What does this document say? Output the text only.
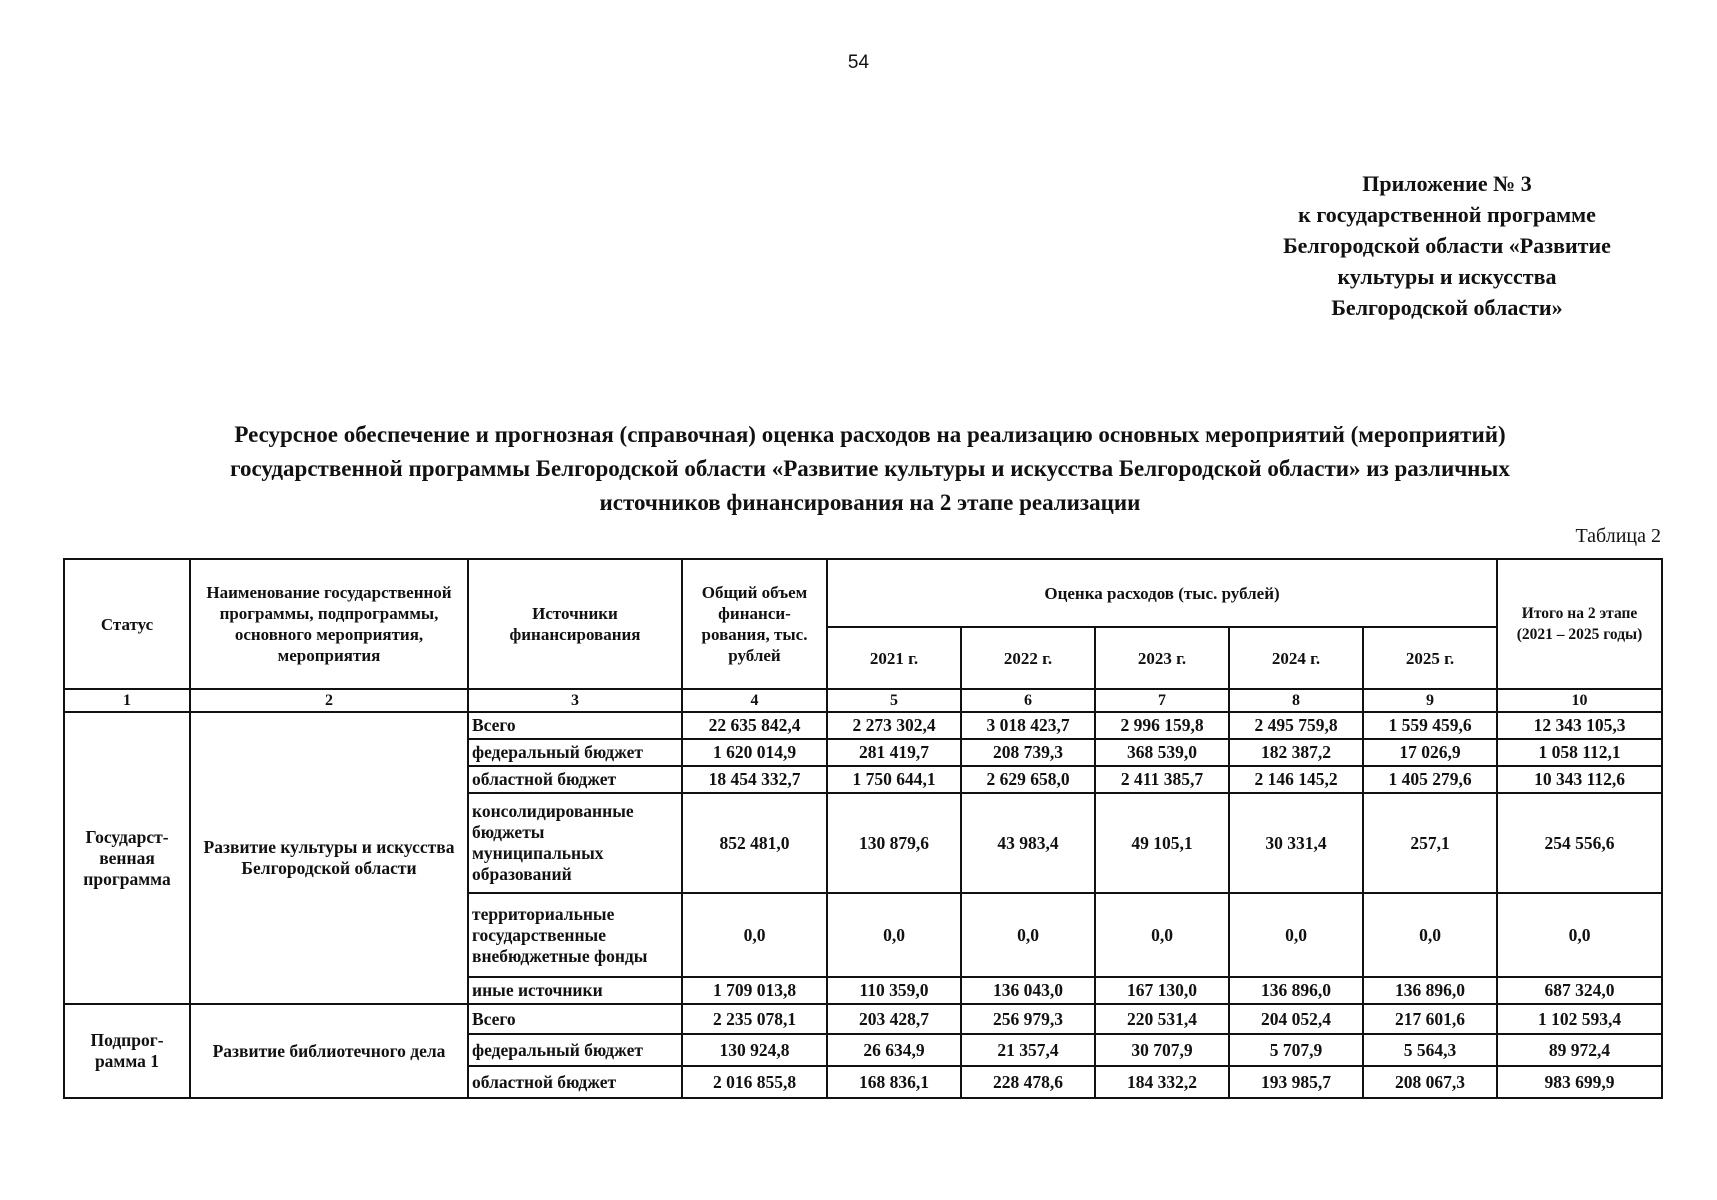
54
Приложение № 3
к государственной программе
Белгородской области «Развитие
культуры и искусства
Белгородской области»
Ресурсное обеспечение и прогнозная (справочная) оценка расходов на реализацию основных мероприятий (мероприятий)
государственной программы Белгородской области «Развитие культуры и искусства Белгородской области» из различных
источников финансирования на 2 этапе реализации
Таблица 2
Статус	Наименование государственной программы, подпрограммы, основного мероприятия, мероприятия	Источники финансирования	Общий объем финанси-рования, тыс. рублей	Оценка расходов (тыс. рублей)					Итого на 2 этапе (2021 – 2025 годы)
				2021 г.	2022 г.	2023 г.	2024 г.	2025 г.	
1	2	3	4	5	6	7	8	9	10
Государст-венная программа	Развитие культуры и искусства Белгородской области	Всего	22 635 842,4	2 273 302,4	3 018 423,7	2 996 159,8	2 495 759,8	1 559 459,6	12 343 105,3
		федеральный бюджет	1 620 014,9	281 419,7	208 739,3	368 539,0	182 387,2	17 026,9	1 058 112,1
		областной бюджет	18 454 332,7	1 750 644,1	2 629 658,0	2 411 385,7	2 146 145,2	1 405 279,6	10 343 112,6
		консолидированные бюджеты муниципальных образований	852 481,0	130 879,6	43 983,4	49 105,1	30 331,4	257,1	254 556,6
		территориальные государственные внебюджетные фонды	0,0	0,0	0,0	0,0	0,0	0,0	0,0
		иные источники	1 709 013,8	110 359,0	136 043,0	167 130,0	136 896,0	136 896,0	687 324,0
Подпрог-рамма 1	Развитие библиотечного дела	Всего	2 235 078,1	203 428,7	256 979,3	220 531,4	204 052,4	217 601,6	1 102 593,4
		федеральный бюджет	130 924,8	26 634,9	21 357,4	30 707,9	5 707,9	5 564,3	89 972,4
		областной бюджет	2 016 855,8	168 836,1	228 478,6	184 332,2	193 985,7	208 067,3	983 699,9
